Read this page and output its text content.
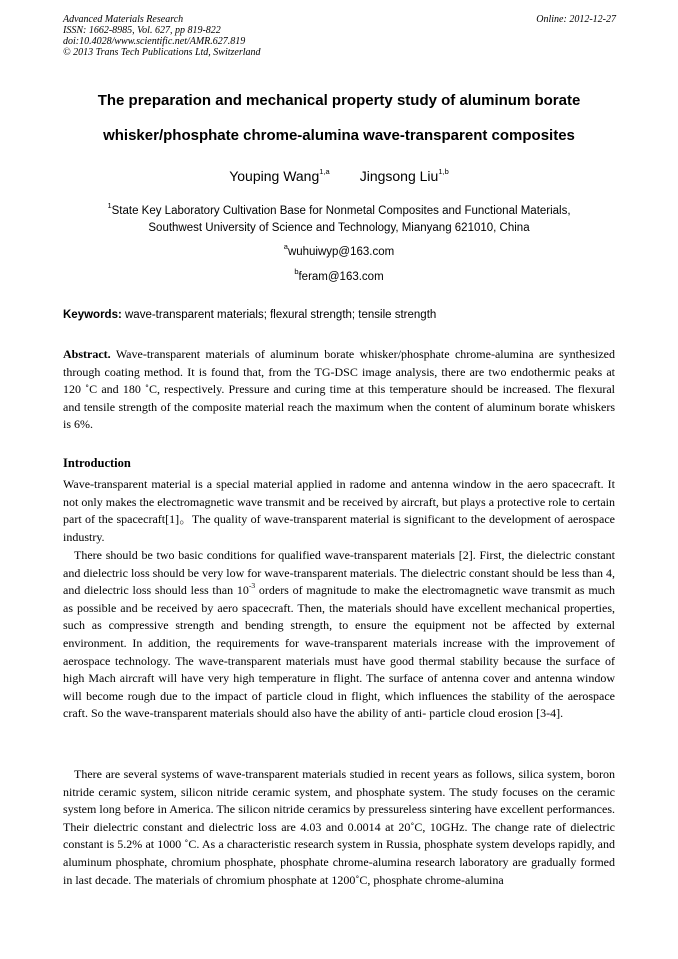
Advanced Materials Research
ISSN: 1662-8985, Vol. 627, pp 819-822
doi:10.4028/www.scientific.net/AMR.627.819
© 2013 Trans Tech Publications Ltd, Switzerland
Online: 2012-12-27
The preparation and mechanical property study of aluminum borate
whisker/phosphate chrome-alumina wave-transparent composites
Youping Wang$^{1,a}$ Jingsong Liu$^{1,b}$
$^1$State Key Laboratory Cultivation Base for Nonmetal Composites and Functional Materials,
Southwest University of Science and Technology, Mianyang 621010, China
$^a$wuhuiwyp@163.com
$^b$feram@163.com
Keywords: wave-transparent materials; flexural strength; tensile strength
Abstract. Wave-transparent materials of aluminum borate whisker/phosphate chrome-alumina are synthesized through coating method. It is found that, from the TG-DSC image analysis, there are two endothermic peaks at 120 ˚C and 180 ˚C, respectively. Pressure and curing time at this temperature should be increased. The flexural and tensile strength of the composite material reach the maximum when the content of aluminum borate whiskers is 6%.
Introduction
Wave-transparent material is a special material applied in radome and antenna window in the aero spacecraft. It not only makes the electromagnetic wave transmit and be received by aircraft, but plays a protective role to certain part of the spacecraft[1]。The quality of wave-transparent material is significant to the development of aerospace industry.
There should be two basic conditions for qualified wave-transparent materials [2]. First, the dielectric constant and dielectric loss should be very low for wave-transparent materials. The dielectric constant should be less than 4, and dielectric loss should less than $10^{-3}$ orders of magnitude to make the electromagnetic wave transmit as much as possible and be received by aero spacecraft. Then, the materials should have excellent mechanical properties, such as compressive strength and bending strength, to ensure the equipment not be affected by external environment. In addition, the requirements for wave-transparent materials increase with the improvement of aerospace technology. The wave-transparent materials must have good thermal stability because the surface of high Mach aircraft will have very high temperature in flight. The surface of antenna cover and antenna window will become rough due to the impact of particle cloud in flight, which influences the stability of the aerospace craft. So the wave-transparent materials should also have the ability of anti- particle cloud erosion [3-4].
There are several systems of wave-transparent materials studied in recent years as follows, silica system, boron nitride ceramic system, silicon nitride ceramic system, and phosphate system. The study focuses on the ceramic system long before in America. The silicon nitride ceramics by pressureless sintering have excellent performances. Their dielectric constant and dielectric loss are 4.03 and 0.0014 at 20˚C, 10GHz. The change rate of dielectric constant is 5.2% at 1000 ˚C. As a characteristic research system in Russia, phosphate system develops rapidly, and aluminum phosphate, chromium phosphate, phosphate chrome-alumina research laboratory are gradually formed in last decade. The materials of chromium phosphate at 1200˚C, phosphate chrome-alumina
